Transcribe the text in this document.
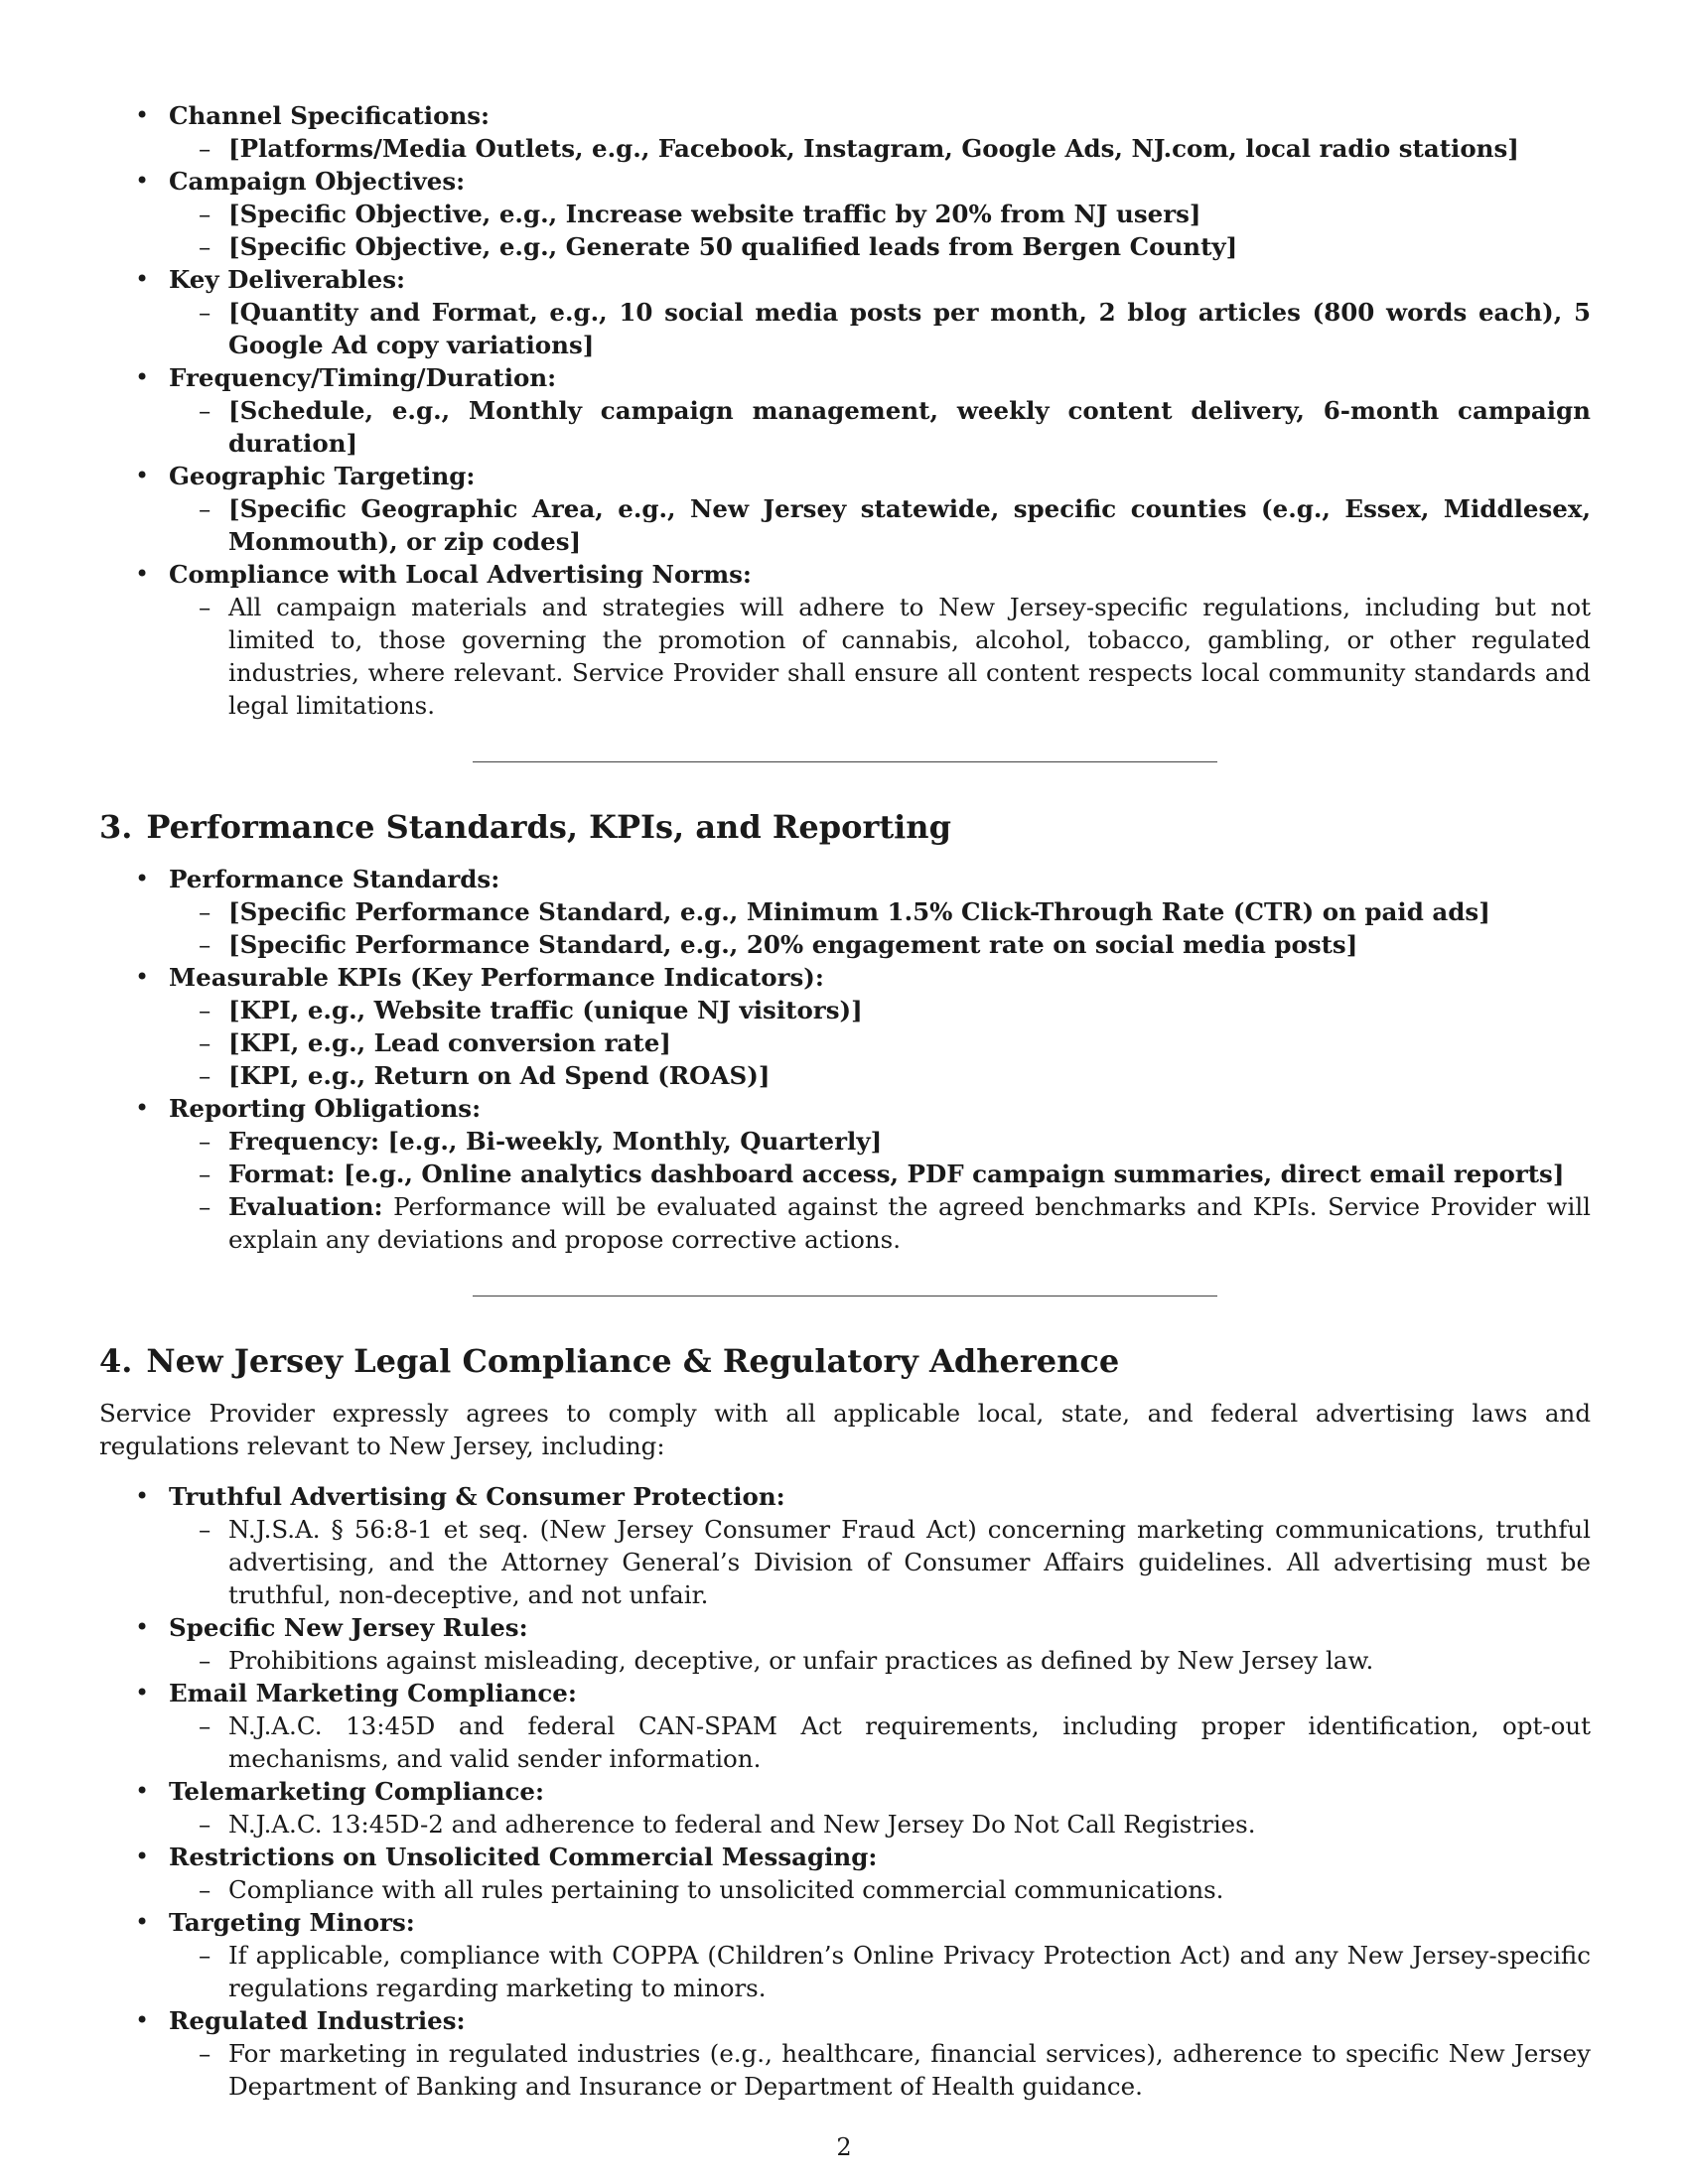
• Channel Specifications:
– [Platforms/Media Outlets, e.g., Facebook, Instagram, Google Ads, NJ.com, local radio stations]
• Campaign Objectives:
– [Specific Objective, e.g., Increase website traffic by 20% from NJ users]
– [Specific Objective, e.g., Generate 50 qualified leads from Bergen County]
• Key Deliverables:
– [Quantity and Format, e.g., 10 social media posts per month, 2 blog articles (800 words each), 5 Google Ad copy variations]
• Frequency/Timing/Duration:
– [Schedule, e.g., Monthly campaign management, weekly content delivery, 6-month campaign duration]
• Geographic Targeting:
– [Specific Geographic Area, e.g., New Jersey statewide, specific counties (e.g., Essex, Middlesex, Monmouth), or zip codes]
• Compliance with Local Advertising Norms:
– All campaign materials and strategies will adhere to New Jersey-specific regulations, including but not limited to, those governing the promotion of cannabis, alcohol, tobacco, gambling, or other regulated industries, where relevant. Service Provider shall ensure all content respects local community standards and legal limitations.
3. Performance Standards, KPIs, and Reporting
• Performance Standards:
– [Specific Performance Standard, e.g., Minimum 1.5% Click-Through Rate (CTR) on paid ads]
– [Specific Performance Standard, e.g., 20% engagement rate on social media posts]
• Measurable KPIs (Key Performance Indicators):
– [KPI, e.g., Website traffic (unique NJ visitors)]
– [KPI, e.g., Lead conversion rate]
– [KPI, e.g., Return on Ad Spend (ROAS)]
• Reporting Obligations:
– Frequency: [e.g., Bi-weekly, Monthly, Quarterly]
– Format: [e.g., Online analytics dashboard access, PDF campaign summaries, direct email reports]
– Evaluation: Performance will be evaluated against the agreed benchmarks and KPIs. Service Provider will explain any deviations and propose corrective actions.
4. New Jersey Legal Compliance & Regulatory Adherence

Service Provider expressly agrees to comply with all applicable local, state, and federal advertising laws and regulations relevant to New Jersey, including:

• Truthful Advertising & Consumer Protection:
– N.J.S.A. § 56:8-1 et seq. (New Jersey Consumer Fraud Act) concerning marketing communications, truthful advertising, and the Attorney General’s Division of Consumer Affairs guidelines. All advertising must be truthful, non-deceptive, and not unfair.
• Specific New Jersey Rules:
– Prohibitions against misleading, deceptive, or unfair practices as defined by New Jersey law.
• Email Marketing Compliance:
– N.J.A.C. 13:45D and federal CAN-SPAM Act requirements, including proper identification, opt-out mechanisms, and valid sender information.
• Telemarketing Compliance:
– N.J.A.C. 13:45D-2 and adherence to federal and New Jersey Do Not Call Registries.
• Restrictions on Unsolicited Commercial Messaging:
– Compliance with all rules pertaining to unsolicited commercial communications.
• Targeting Minors:
– If applicable, compliance with COPPA (Children’s Online Privacy Protection Act) and any New Jersey-specific regulations regarding marketing to minors.
• Regulated Industries:
– For marketing in regulated industries (e.g., healthcare, financial services), adherence to specific New Jersey Department of Banking and Insurance or Department of Health guidance.
2
